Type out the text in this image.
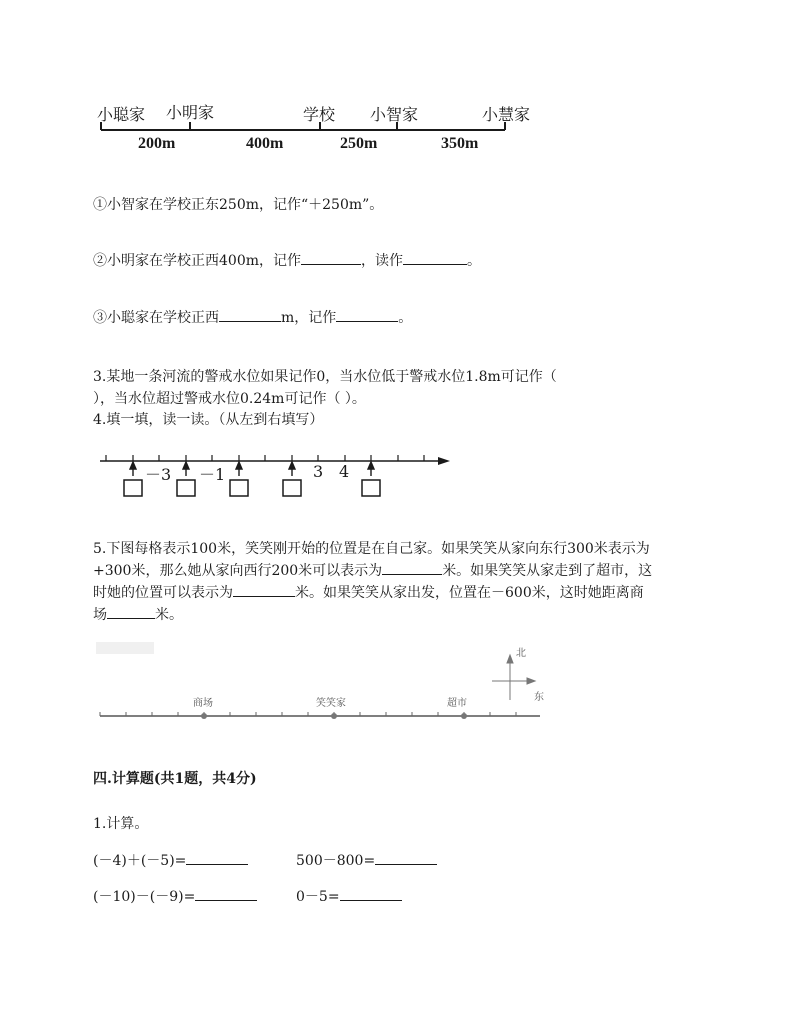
小聪家 小明家	学校 小智家	小慧家
200m	400m	250m	350m
①小智家在学校正东250m，记作“＋250m”。
②小明家在学校正西400m，记作	，读作	。
③小聪家在学校正西	m，记作	。
3.某地一条河流的警戒水位如果记作0，当水位低于警戒水位1.8m可记作（
），当水位超过警戒水位0.24m可记作（ ）。
4.填一填，读一读。（从左到右填写）
－3 －1	3 4
5.下图每格表示100米，笑笑刚开始的位置是在自己家。如果笑笑从家向东行300米表示为
+300米，那么她从家向西行200米可以表示为	米。如果笑笑从家走到了超市，这
时她的位置可以表示为	米。如果笑笑从家出发，位置在－600米，这时她距离商
场	米。
商场	笑笑家	超市
北
东
四.计算题(共1题，共4分)
1.计算。
(－4)＋(－5)=	500－800=
(－10)－(－9)=	0－5=
